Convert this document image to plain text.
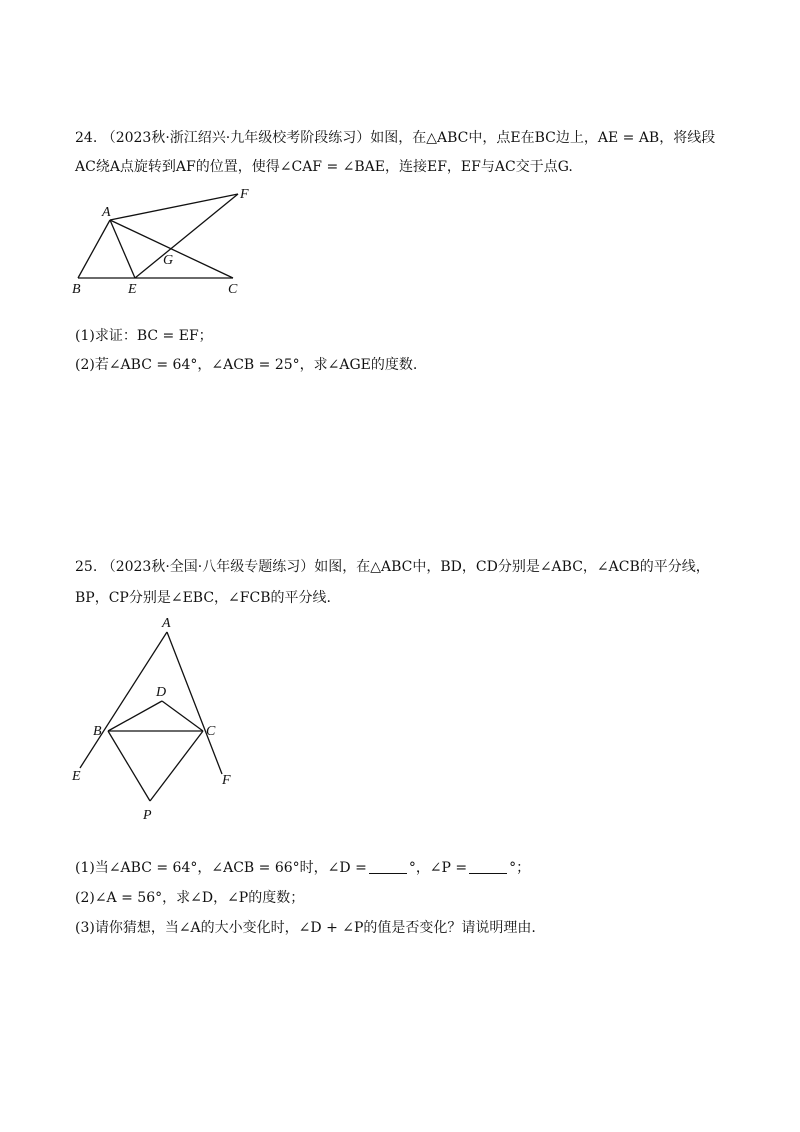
24. （2023秋·浙江绍兴·九年级校考阶段练习）如图，在△ABC中，点E在BC边上，AE = AB，将线段
AC绕A点旋转到AF的位置，使得∠CAF = ∠BAE，连接EF，EF与AC交于点G.
A
B	E	C
F
G
(1)求证：BC = EF；
(2)若∠ABC = 64°，∠ACB = 25°，求∠AGE的度数.
25. （2023秋·全国·八年级专题练习）如图，在△ABC中，BD，CD分别是∠ABC，∠ACB的平分线，
BP，CP分别是∠EBC，∠FCB的平分线.
A
B	C
D
E	F
P
(1)当∠ABC = 64°，∠ACB = 66°时，∠D =	°，∠P =	°；
(2)∠A = 56°，求∠D，∠P的度数；
(3)请你猜想，当∠A的大小变化时，∠D + ∠P的值是否变化？请说明理由.
